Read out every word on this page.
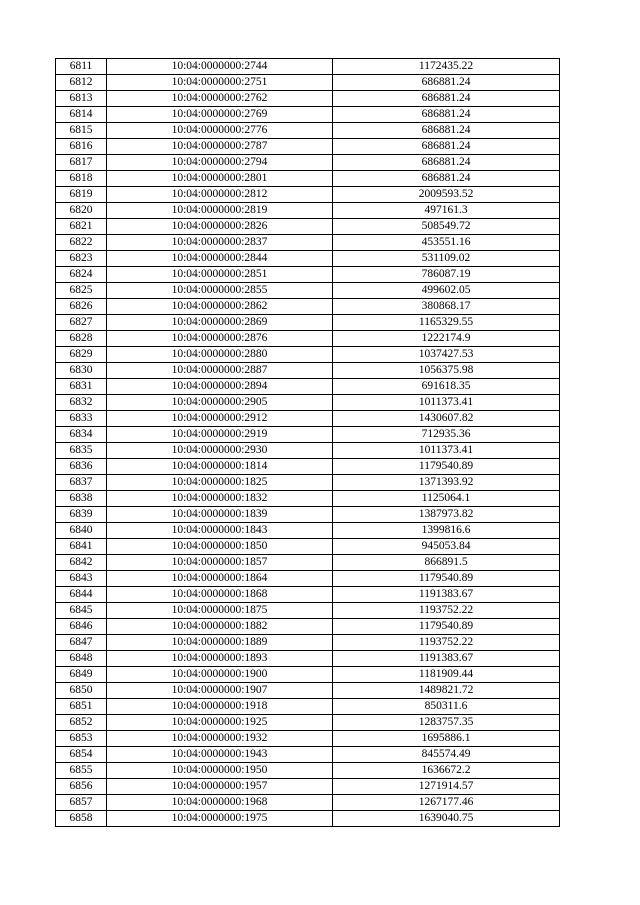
6811	10:04:0000000:2744	1172435.22
6812	10:04:0000000:2751	686881.24
6813	10:04:0000000:2762	686881.24
6814	10:04:0000000:2769	686881.24
6815	10:04:0000000:2776	686881.24
6816	10:04:0000000:2787	686881.24
6817	10:04:0000000:2794	686881.24
6818	10:04:0000000:2801	686881.24
6819	10:04:0000000:2812	2009593.52
6820	10:04:0000000:2819	497161.3
6821	10:04:0000000:2826	508549.72
6822	10:04:0000000:2837	453551.16
6823	10:04:0000000:2844	531109.02
6824	10:04:0000000:2851	786087.19
6825	10:04:0000000:2855	499602.05
6826	10:04:0000000:2862	380868.17
6827	10:04:0000000:2869	1165329.55
6828	10:04:0000000:2876	1222174.9
6829	10:04:0000000:2880	1037427.53
6830	10:04:0000000:2887	1056375.98
6831	10:04:0000000:2894	691618.35
6832	10:04:0000000:2905	1011373.41
6833	10:04:0000000:2912	1430607.82
6834	10:04:0000000:2919	712935.36
6835	10:04:0000000:2930	1011373.41
6836	10:04:0000000:1814	1179540.89
6837	10:04:0000000:1825	1371393.92
6838	10:04:0000000:1832	1125064.1
6839	10:04:0000000:1839	1387973.82
6840	10:04:0000000:1843	1399816.6
6841	10:04:0000000:1850	945053.84
6842	10:04:0000000:1857	866891.5
6843	10:04:0000000:1864	1179540.89
6844	10:04:0000000:1868	1191383.67
6845	10:04:0000000:1875	1193752.22
6846	10:04:0000000:1882	1179540.89
6847	10:04:0000000:1889	1193752.22
6848	10:04:0000000:1893	1191383.67
6849	10:04:0000000:1900	1181909.44
6850	10:04:0000000:1907	1489821.72
6851	10:04:0000000:1918	850311.6
6852	10:04:0000000:1925	1283757.35
6853	10:04:0000000:1932	1695886.1
6854	10:04:0000000:1943	845574.49
6855	10:04:0000000:1950	1636672.2
6856	10:04:0000000:1957	1271914.57
6857	10:04:0000000:1968	1267177.46
6858	10:04:0000000:1975	1639040.75
